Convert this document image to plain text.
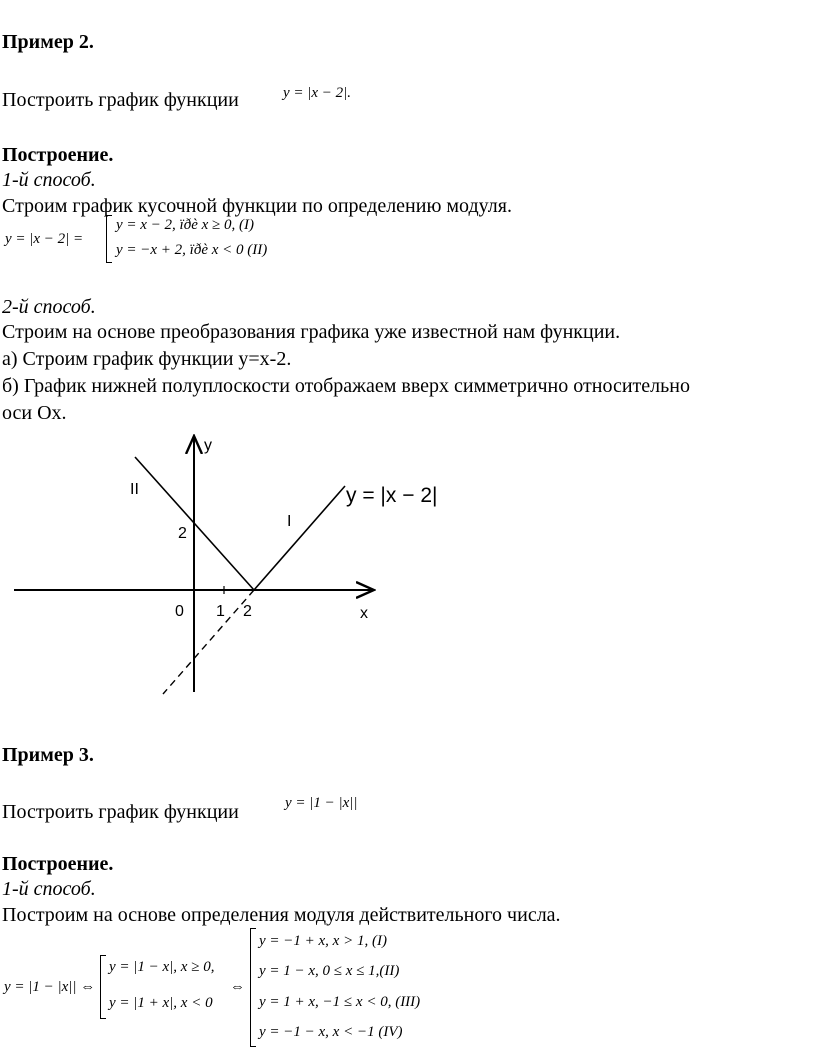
Пример 2.
Построить график функции	y = |x − 2|.
Построение.
1-й способ.
Строим график кусочной функции по определению модуля.
y = |x − 2| =
y = x − 2, ïðè x ≥ 0, (I)
y = −x + 2, ïðè x < 0 (II)
2-й способ.
Строим на основе преобразования графика уже известной нам функции.
а) Строим график функции y=x-2.
б) График нижней полуплоскости отображаем вверх симметрично относительно
оси Ox.
y
x
II
I
2
0 1 2
y = |x − 2|
Пример 3.
Построить график функции	y = |1 − |x||
Построение.
1-й способ.
Построим на основе определения модуля действительного числа.
y = |1 − |x|| ⇔
y = |1 − x|, x ≥ 0,
y = |1 + x|, x < 0
⇔
y = −1 + x, x > 1, (I)
y = 1 − x, 0 ≤ x ≤ 1,(II)
y = 1 + x, −1 ≤ x < 0, (III)
y = −1 − x, x < −1 (IV)
